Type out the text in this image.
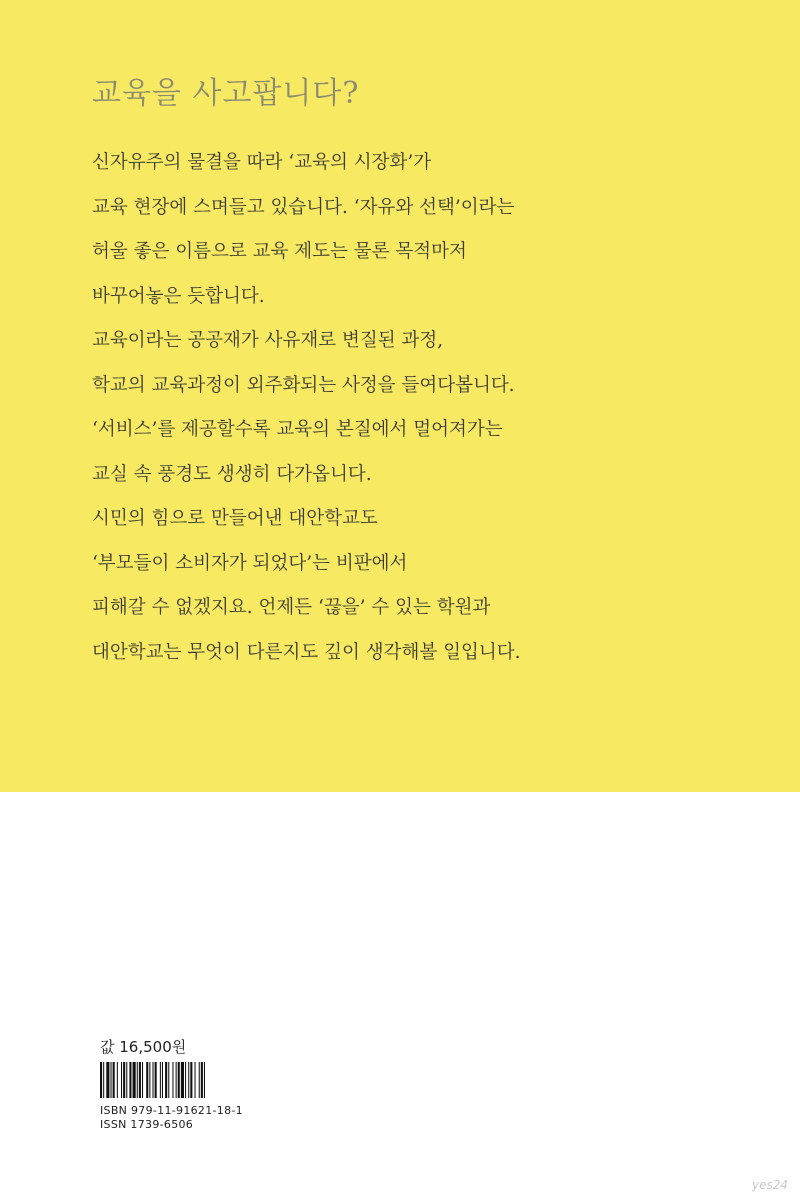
교육을 사고팝니다?
신자유주의 물결을 따라 ‘교육의 시장화’가
교육 현장에 스며들고 있습니다. ‘자유와 선택’이라는
허울 좋은 이름으로 교육 제도는 물론 목적마저
바꾸어놓은 듯합니다.
교육이라는 공공재가 사유재로 변질된 과정,
학교의 교육과정이 외주화되는 사정을 들여다봅니다.
‘서비스’를 제공할수록 교육의 본질에서 멀어져가는
교실 속 풍경도 생생히 다가옵니다.
시민의 힘으로 만들어낸 대안학교도
‘부모들이 소비자가 되었다’는 비판에서
피해갈 수 없겠지요. 언제든 ‘끊을’ 수 있는 학원과
대안학교는 무엇이 다른지도 깊이 생각해볼 일입니다.
값 16,500원
ISBN 979-11-91621-18-1
ISSN 1739-6506
yes24
